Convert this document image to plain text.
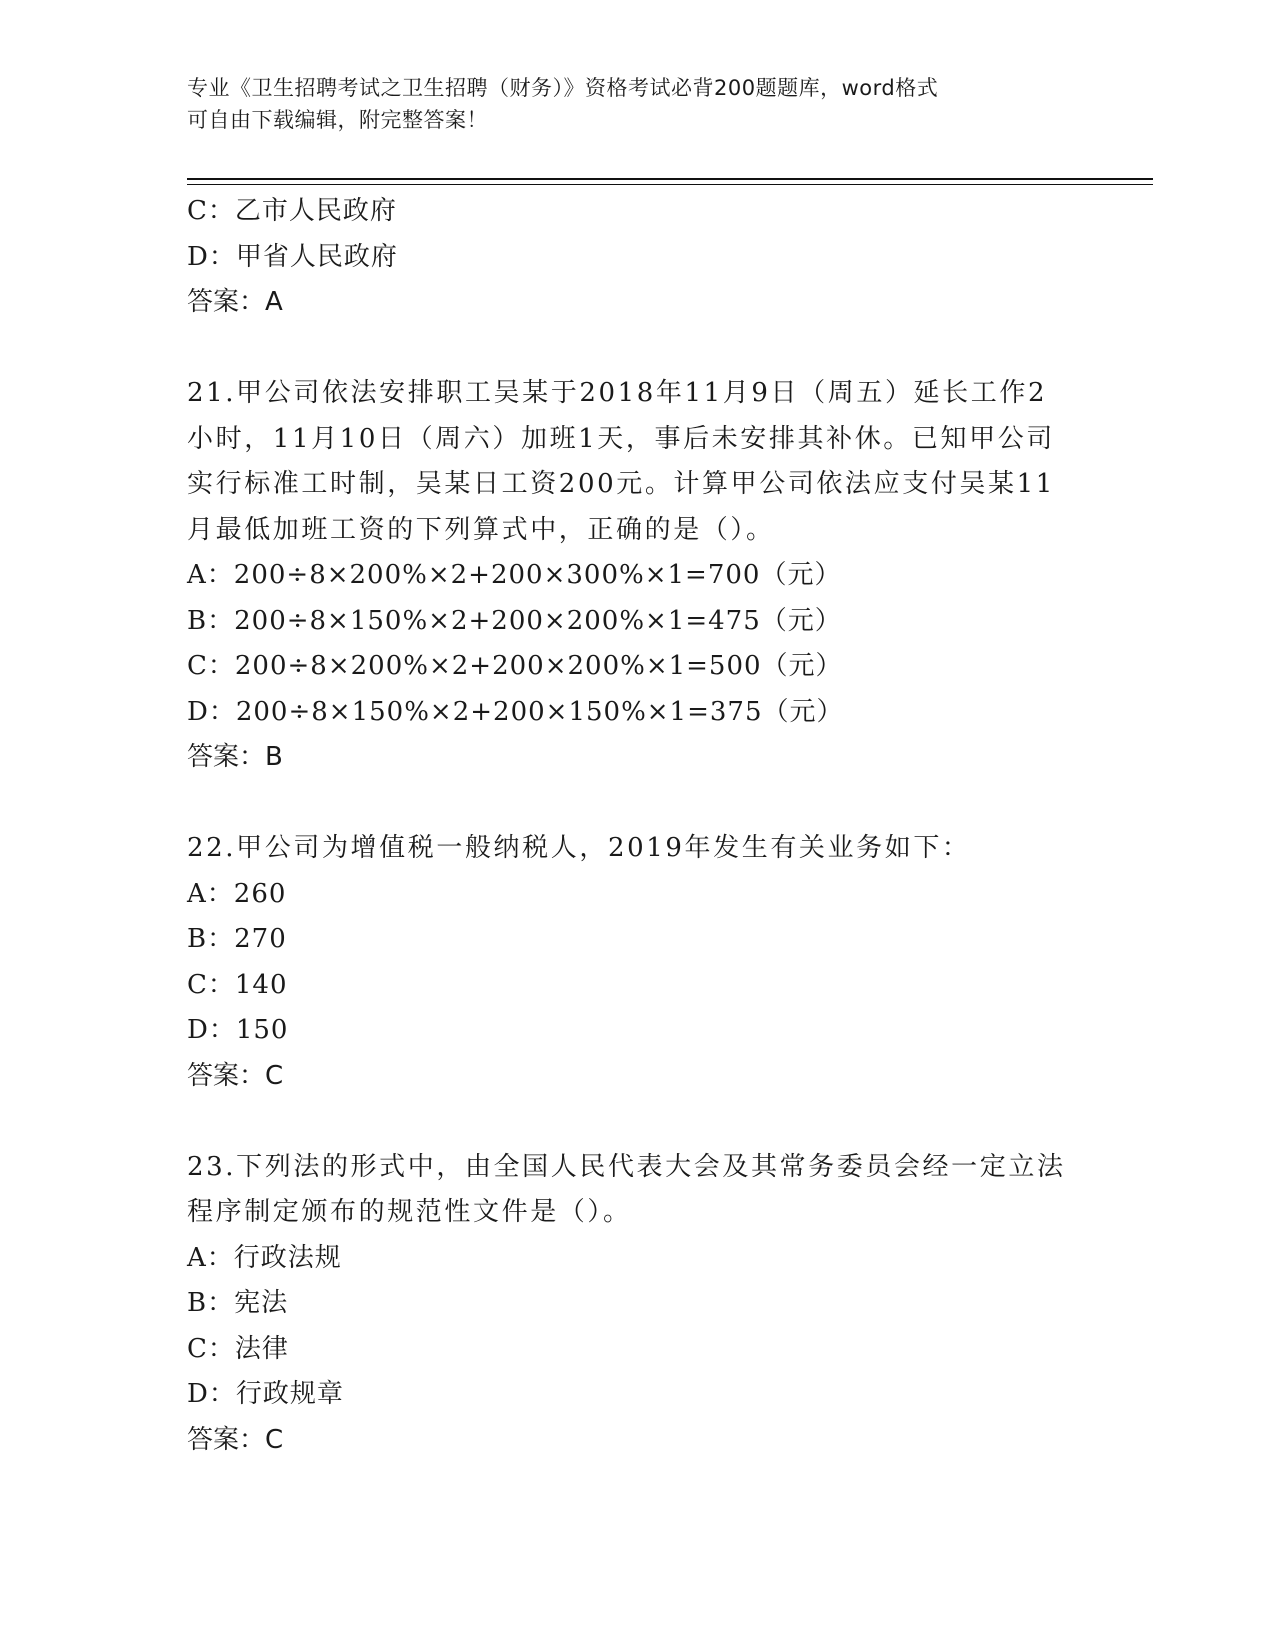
专业《卫生招聘考试之卫生招聘（财务）》资格考试必背200题题库，word格式
可自由下载编辑，附完整答案！
C：乙市人民政府
D：甲省人民政府
答案：A
21.甲公司依法安排职工吴某于2018年11月9日（周五）延长工作2
小时，11月10日（周六）加班1天，事后未安排其补休。已知甲公司
实行标准工时制，吴某日工资200元。计算甲公司依法应支付吴某11
月最低加班工资的下列算式中，正确的是（）。
A：200÷8×200%×2+200×300%×1=700（元）
B：200÷8×150%×2+200×200%×1=475（元）
C：200÷8×200%×2+200×200%×1=500（元）
D：200÷8×150%×2+200×150%×1=375（元）
答案：B
22.甲公司为增值税一般纳税人，2019年发生有关业务如下：
A：260
B：270
C：140
D：150
答案：C
23.下列法的形式中，由全国人民代表大会及其常务委员会经一定立法
程序制定颁布的规范性文件是（）。
A：行政法规
B：宪法
C：法律
D：行政规章
答案：C
